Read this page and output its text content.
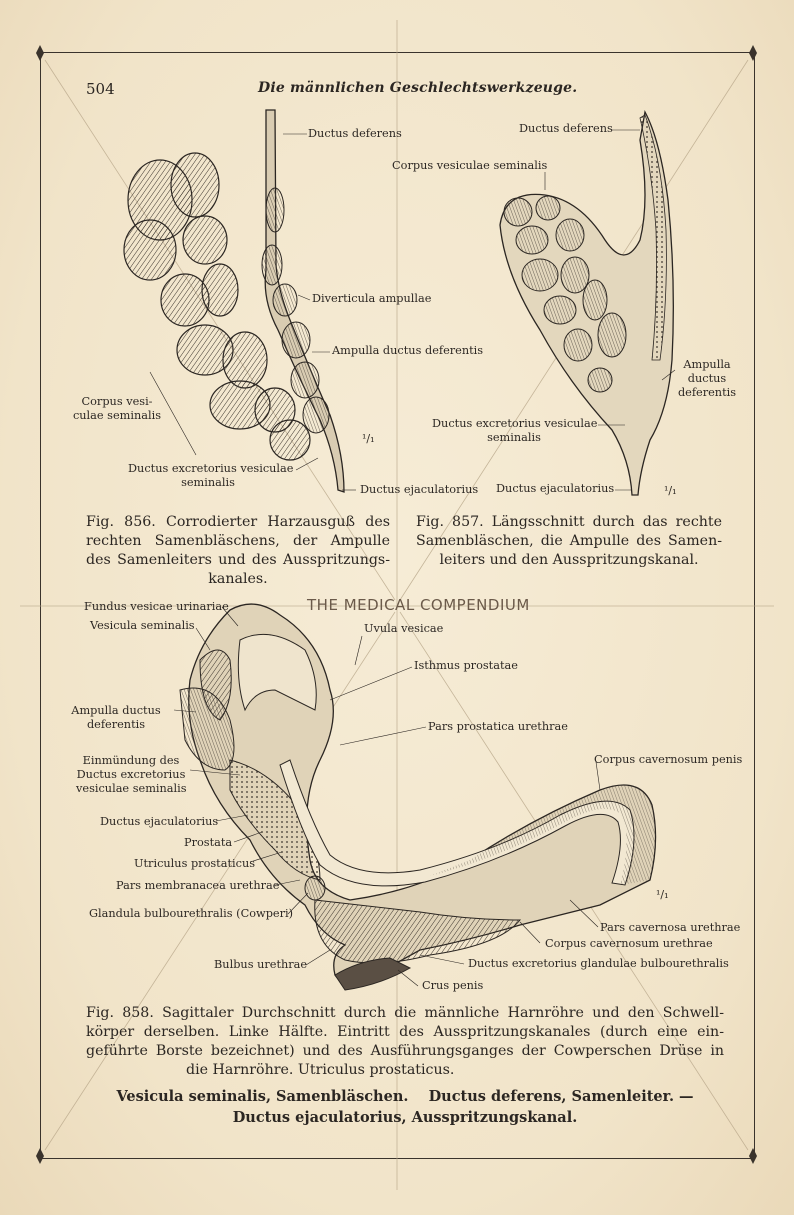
504	Die männlichen Geschlechtswerkzeuge.
THE MEDICAL COMPENDIUM
Ductus deferens
Diverticula ampullae
Ampulla ductus deferentis
Corpus vesi-
culae seminalis
¹/₁
Ductus excretorius vesiculae
seminalis
Ductus ejaculatorius
Ductus deferens
Corpus vesiculae seminalis
Ampulla
ductus
deferentis
Ductus excretorius vesiculae
seminalis
Ductus ejaculatorius	¹/₁
Fig. 856. Corrodierter Harzausguß des
rechten Samenbläschens, der Ampulle
des Samenleiters und des Ausspritzungs-
kanales.
Fig. 857. Längsschnitt durch das rechte
Samenbläschen, die Ampulle des Samen-
leiters und den Ausspritzungskanal.
Fundus vesicae urinariae
Vesicula seminalis	Uvula vesicae
Isthmus prostatae
Ampulla ductus
deferentis	Pars prostatica urethrae
Einmündung des
Ductus excretorius
vesiculae seminalis
Corpus cavernosum penis
Ductus ejaculatorius
Prostata
Utriculus prostaticus
Pars membranacea urethrae
¹/₁
Glandula bulbourethralis (Cowperi)
Pars cavernosa urethrae
Corpus cavernosum urethrae
Bulbus urethrae	Ductus excretorius glandulae bulbourethralis
Crus penis
Fig. 858. Sagittaler Durchschnitt durch die männliche Harnröhre und den Schwell-
körper derselben. Linke Hälfte. Eintritt des Ausspritzungskanales (durch eine ein-
geführte Borste bezeichnet) und des Ausführungsganges der Cowperschen Drüse in
die Harnröhre. Utriculus prostaticus.
Vesicula seminalis, Samenbläschen.    Ductus deferens, Samenleiter. —
Ductus ejaculatorius, Ausspritzungskanal.
